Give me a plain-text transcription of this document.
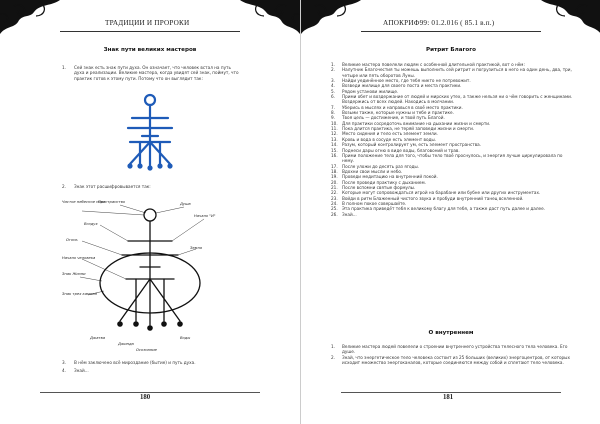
ТРАДИЦИИ И ПРОРОКИ
Знак пути великих мастеров
1.	Сей знак есть знак пути духа. Он означает, что человек встал на путь духа и реализации. Великие мастера, когда увидят сей знак, поймут, что практик готов к этому пути. Потому что он выглядит так:
2.	Знак этот расшифровывается так:
Чистое небесное поле
Воздух
Пространство	Душа
Начало "И"
Огонь
Земля
Начало человека
Знак Жизни
Знак трех камней
Джатва	Воды
Джинда
Осознание
3.	В нём заключено всё мироздание (бытие) и путь духа.
4.	Знай...
180
АПОКРИФ99: 01.2.016 ( 85.1 в.п.)
Ритрит Благого
1. Великие мастера повелели людям с особенной длительной практикой, вот о нём:
2. Налутник Благочестия ты можешь выполнить сей ритрит и погрузиться в него на один день, два, три, четыре или пять оборотов Луны.
3. Найди уединённое место, где тебя никто не потревожит.
4. Возведи жилище для своего поста и места практики.
5. Рядом установи жилище.
6. Прими обет и воздержание от людей и мирских утех, а также нельзя ни о чём говорить с женщинами. Воздержись от всех людей. Находись в молчании.
7. Уберись в мыслях и направься в своё место практики.
8. Возьми также, которые нужны и тебе и практике.
9. Твоя цель — достижение, и твой путь Благой.
10. Для практики сосредоточь внимание на дыхании жизни и смерти.
11. Пока длится практика, не теряй заповеди жизни и смерти.
12. Место сидения и тело есть элемент земли.
13. Кровь и вода в сосуде есть элемент воды.
14. Разум, который контролирует ум, есть элемент пространства.
15. Поднеси дары огню в виде воды, благовоний и трав.
16. Прими положение тела для того, чтобы тело твоё проснулось, и энергия лучше циркулировала по нему.
17. После уложи до десять раз ягоды.
18. Вдохни свои мысли и небо.
19. Проведи медитацию на внутренний покой.
20. После проведи практику с дыханием.
21. После вспомни святые формулы.
22. Которые могут сопровождаться игрой на барабане или бубне или других инструментах.
23. Войди в ритм Блаженный чистого звука и пробуди внутренний танец вселенной.
24. В полном покое совершайте.
25. Эта практика приведёт тебя к великому благу для тебя, а также даст путь далее и далее.
26. Знай...
О внутреннем
1. Великие мастера людей повелели о строении внутреннего устройства телесного тела человека. Его душе.
2. Знай, что энергетическое тело человека состоит из 25 больших (великих) энергоцентров, от которых исходит множество энергоканалов, которые соединяются между собой и сплетают тело человека.
181
